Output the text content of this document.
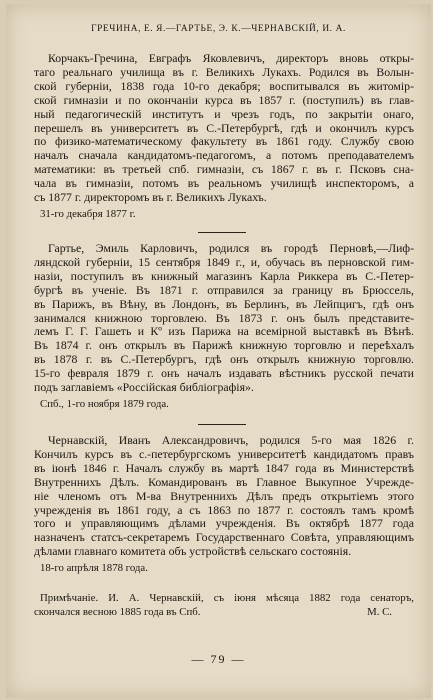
ГРЕЧИНА, Е. Я.—ГАРТЬЕ, Э. К.—ЧЕРНАВСКІЙ, И. А.
Корчакъ-Гречина, Евграфъ Яковлевичъ, директоръ вновь откры-
таго реальнаго училища въ г. Великихъ Лукахъ. Родился въ Волын-
ской губерніи, 1838 года 10-го декабря; воспитывался въ житомір-
ской гимназіи и по окончаніи курса въ 1857 г. (поступилъ) въ глав-
ный педагогическій институтъ и чрезъ годъ, по закрытіи онаго,
перешелъ въ университетъ въ С.-Петербургѣ, гдѣ и окончилъ курсъ
по физико-математическому факультету въ 1861 году. Службу свою
началъ сначала кандидатомъ-педагогомъ, а потомъ преподавателемъ
математики: въ третьей спб. гимназіи, съ 1867 г. въ г. Псковъ сна-
чала въ гимназіи, потомъ въ реальномъ училищѣ инспекторомъ, а
съ 1877 г. директоромъ въ г. Великихъ Лукахъ.
31-го декабря 1877 г.
Гартье, Эмиль Карловичъ, родился въ городѣ Перновѣ,—Лиф-
ляндской губерніи, 15 сентября 1849 г., и, обучась въ перновской гим-
назіи, поступилъ въ книжный магазинъ Карла Риккера въ С.-Петер-
бургѣ въ ученіе. Въ 1871 г. отправился за границу въ Брюссель,
въ Парижъ, въ Вѣну, въ Лондонъ, въ Берлинъ, въ Лейпцигъ, гдѣ онъ
занимался книжною торговлею. Въ 1873 г. онъ былъ представите-
лемъ Г. Г. Гашеть и Кº изъ Парижа на всемірной выставкѣ въ Вѣнѣ.
Въ 1874 г. онъ открылъ въ Парижѣ книжную торговлю и переѣхалъ
въ 1878 г. въ С.-Петербургъ, гдѣ онъ открылъ книжную торговлю.
15-го февраля 1879 г. онъ началъ издавать вѣстникъ русской печати
подъ заглавіемъ «Россійская библіографія».
Спб., 1-го ноября 1879 года.
Чернавскій, Иванъ Александровичъ, родился 5-го мая 1826 г.
Кончилъ курсъ въ с.-петербургскомъ университетѣ кандидатомъ правъ
въ іюнѣ 1846 г. Началъ службу въ мартѣ 1847 года въ Министерствѣ
Внутреннихъ Дѣлъ. Командированъ въ Главное Выкупное Учрежде-
ніе членомъ отъ М-ва Внутреннихъ Дѣлъ предъ открытіемъ этого
учрежденія въ 1861 году, а съ 1863 по 1877 г. состоялъ тамъ кромѣ
того и управляющимъ дѣлами учрежденія. Въ октябрѣ 1877 года
назначенъ статсъ-секретаремъ Государственнаго Совѣта, управляющимъ
дѣлами главнаго комитета объ устройствѣ сельскаго состоянія.
18-го апрѣля 1878 года.
Примѣчаніе. И. А. Чернавскій, съ іюня мѣсяца 1882 года сенаторъ,
скончался весною 1885 года въ Спб.	М. С.
— 79 —
